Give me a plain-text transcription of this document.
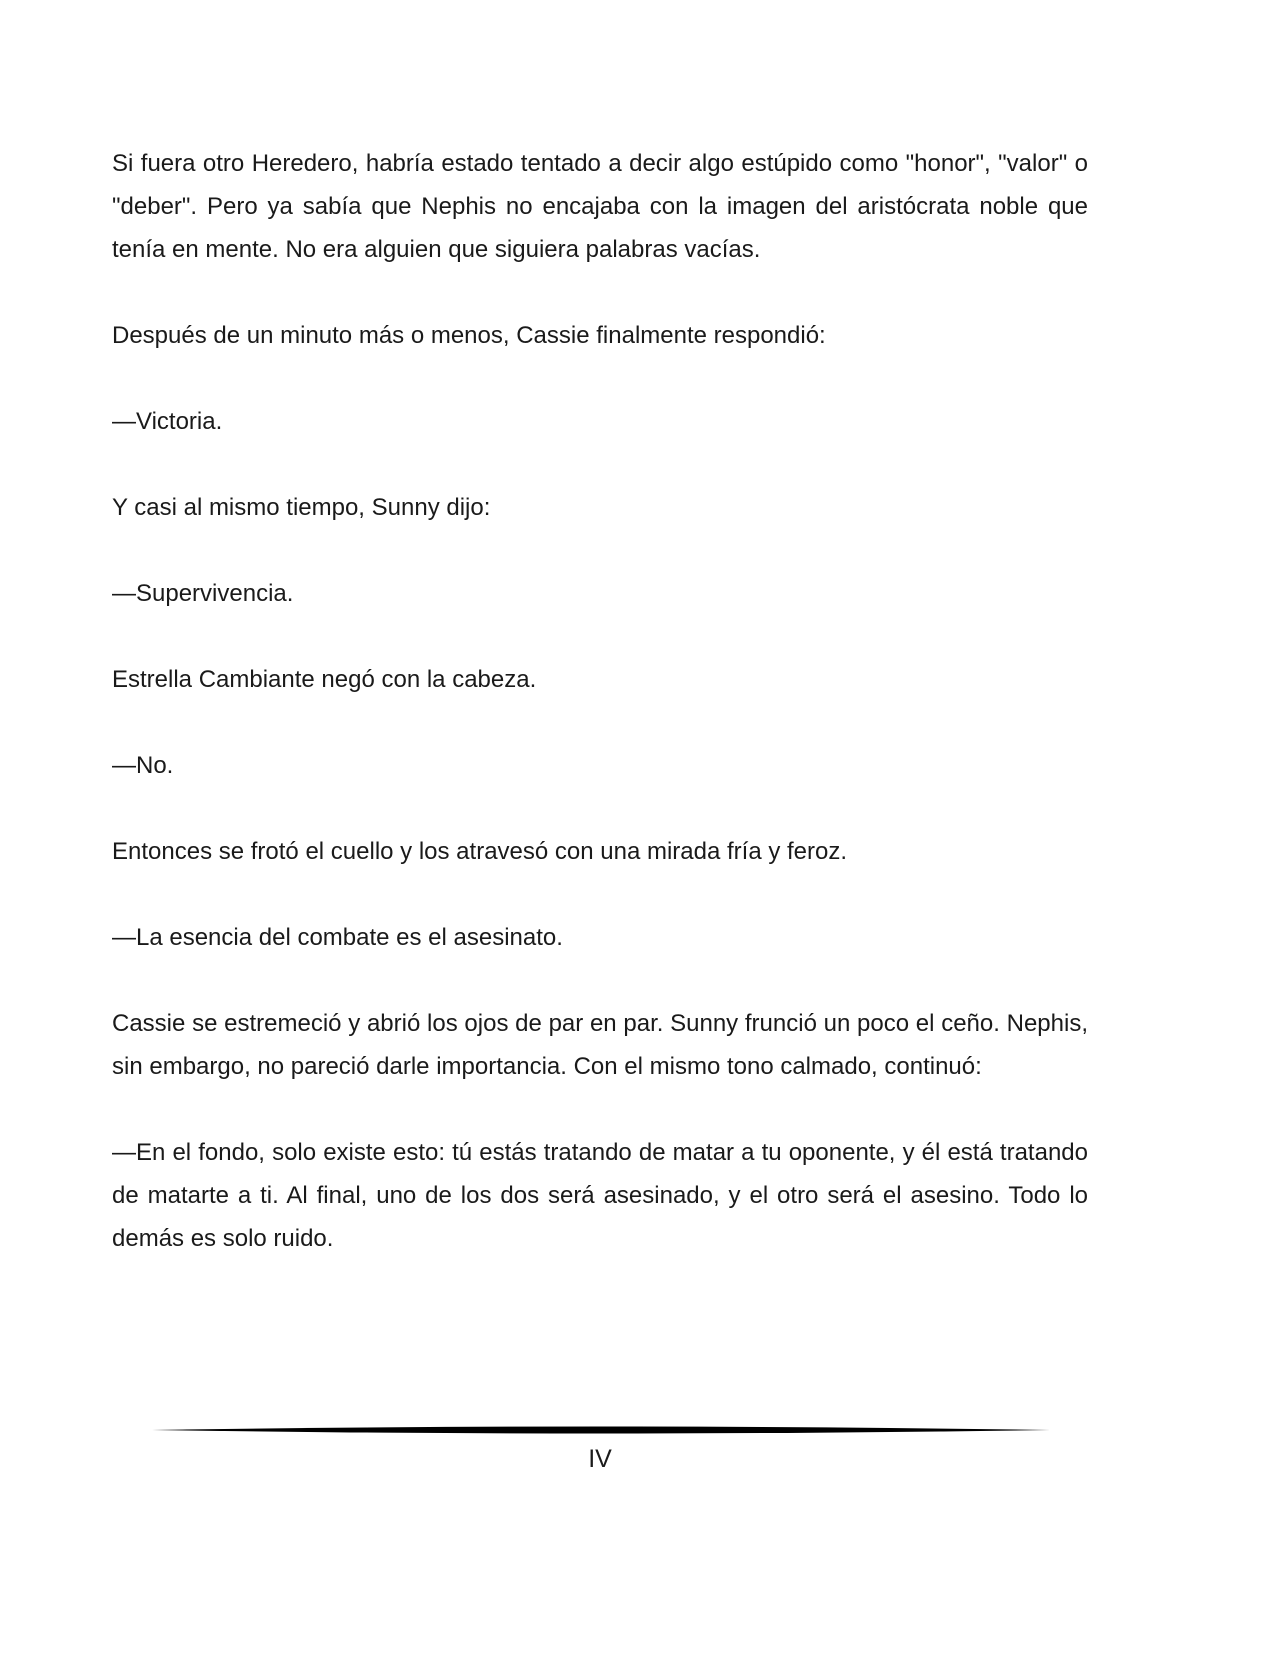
Si fuera otro Heredero, habría estado tentado a decir algo estúpido como "honor", "valor" o "deber". Pero ya sabía que Nephis no encajaba con la imagen del aristócrata noble que tenía en mente. No era alguien que siguiera palabras vacías.

Después de un minuto más o menos, Cassie finalmente respondió:

—Victoria.

Y casi al mismo tiempo, Sunny dijo:

—Supervivencia.

Estrella Cambiante negó con la cabeza.

—No.

Entonces se frotó el cuello y los atravesó con una mirada fría y feroz.

—La esencia del combate es el asesinato.

Cassie se estremeció y abrió los ojos de par en par. Sunny frunció un poco el ceño. Nephis, sin embargo, no pareció darle importancia. Con el mismo tono calmado, continuó:

—En el fondo, solo existe esto: tú estás tratando de matar a tu oponente, y él está tratando de matarte a ti. Al final, uno de los dos será asesinado, y el otro será el asesino. Todo lo demás es solo ruido.

IV
